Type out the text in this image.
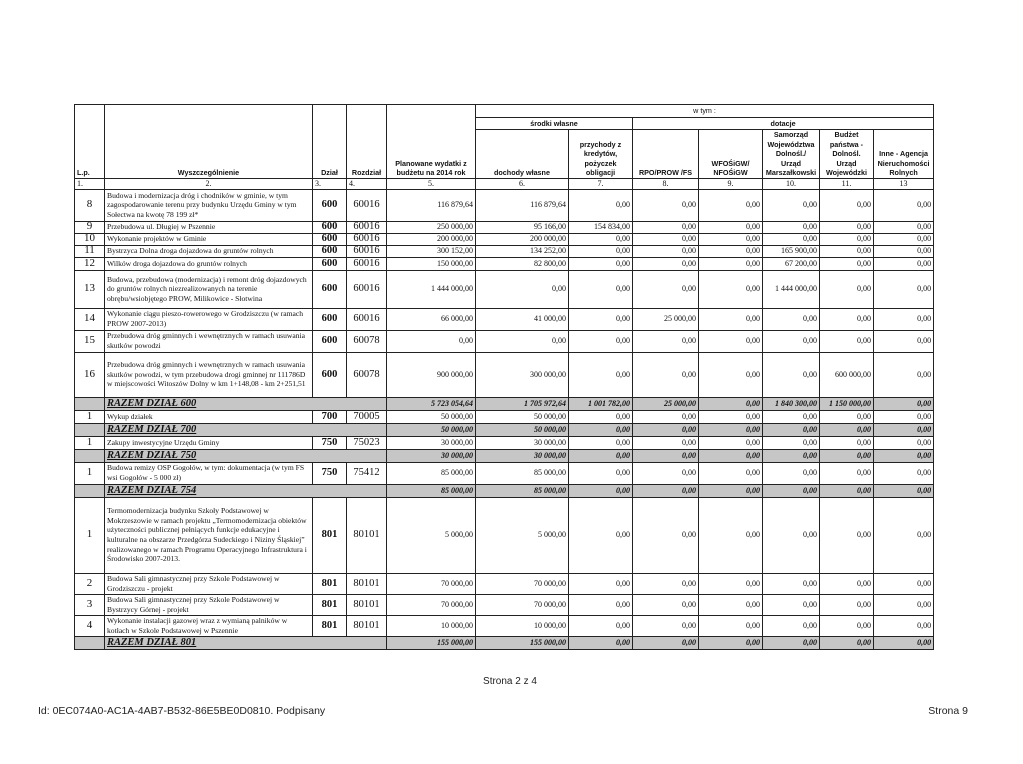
L.p.	Wyszczególnienie	Dział	Rozdział	Planowane wydatki z budżetu na 2014 rok	w tym :						
					środki własne		dotacje				
					dochody własne	przychody z kredytów, pożyczek obligacji	RPO/PROW /FS	WFOŚiGW/ NFOŚiGW	Samorząd Województwa Dolnośl./ Urząd Marszałkowski	Budżet państwa - Dolnośl. Urząd Wojewódzki	Inne - Agencja Nieruchomości Rolnych
1.	2.	3.	4.	5.	6.	7.	8.	9.	10.	11.	13
8	Budowa i modernizacja dróg i chodników w gminie, w tym zagospodarowanie terenu przy budynku Urzędu Gminy w tym Sołectwa na kwotę 78 199 zł*	600	60016	116 879,64	116 879,64	0,00	0,00	0,00	0,00	0,00	0,00
9	Przebudowa ul. Długiej w Pszennie	600	60016	250 000,00	95 166,00	154 834,00	0,00	0,00	0,00	0,00	0,00
10	Wykonanie projektów w Gminie	600	60016	200 000,00	200 000,00	0,00	0,00	0,00	0,00	0,00	0,00
11	Bystrzyca Dolna droga dojazdowa do gruntów rolnych	600	60016	300 152,00	134 252,00	0,00	0,00	0,00	165 900,00	0,00	0,00
12	Wilków droga dojazdowa do gruntów rolnych	600	60016	150 000,00	82 800,00	0,00	0,00	0,00	67 200,00	0,00	0,00
13	Budowa, przebudowa (modernizacja) i remont dróg dojazdowych do gruntów rolnych niezrealizowanych na terenie obrębu/wsiobjętego PROW, Milikowice - Słotwina	600	60016	1 444 000,00	0,00	0,00	0,00	0,00	1 444 000,00	0,00	0,00
14	Wykonanie ciągu pieszo-rowerowego w Grodziszczu (w ramach PROW 2007-2013)	600	60016	66 000,00	41 000,00	0,00	25 000,00	0,00	0,00	0,00	0,00
15	Przebudowa dróg gminnych i wewnętrznych w ramach usuwania skutków powodzi	600	60078	0,00	0,00	0,00	0,00	0,00	0,00	0,00	0,00
16	Przebudowa dróg gminnych i wewnętrznych w ramach usuwania skutków powodzi, w tym przebudowa drogi gminnej nr 111786D w miejscowości Witoszów Dolny w km 1+148,08 - km 2+251,51	600	60078	900 000,00	300 000,00	0,00	0,00	0,00	0,00	600 000,00	0,00
	RAZEM DZIAŁ 600			5 723 054,64	1 705 972,64	1 001 782,00	25 000,00	0,00	1 840 300,00	1 150 000,00	0,00
1	Wykup działek	700	70005	50 000,00	50 000,00	0,00	0,00	0,00	0,00	0,00	0,00
	RAZEM DZIAŁ 700			50 000,00	50 000,00	0,00	0,00	0,00	0,00	0,00	0,00
1	Zakupy inwestycyjne Urzędu Gminy	750	75023	30 000,00	30 000,00	0,00	0,00	0,00	0,00	0,00	0,00
	RAZEM DZIAŁ 750			30 000,00	30 000,00	0,00	0,00	0,00	0,00	0,00	0,00
1	Budowa remizy OSP Gogołów, w tym: dokumentacja (w tym FS wsi Gogołów - 5 000 zł)	750	75412	85 000,00	85 000,00	0,00	0,00	0,00	0,00	0,00	0,00
	RAZEM DZIAŁ 754			85 000,00	85 000,00	0,00	0,00	0,00	0,00	0,00	0,00
1	Termomodernizacja budynku Szkoły Podstawowej w Mokrzeszowie w ramach projektu „Termomodernizacja obiektów użyteczności publicznej pełniących funkcje edukacyjne i kulturalne na obszarze Przedgórza Sudeckiego i Niziny Śląskiej” realizowanego w ramach Programu Operacyjnego Infrastruktura i Środowisko 2007-2013.	801	80101	5 000,00	5 000,00	0,00	0,00	0,00	0,00	0,00	0,00
2	Budowa Sali gimnastycznej przy Szkole Podstawowej w Grodziszczu - projekt	801	80101	70 000,00	70 000,00	0,00	0,00	0,00	0,00	0,00	0,00
3	Budowa Sali gimnastycznej przy Szkole Podstawowej w Bystrzycy Górnej - projekt	801	80101	70 000,00	70 000,00	0,00	0,00	0,00	0,00	0,00	0,00
4	Wykonanie instalacji gazowej wraz z wymianą palników w kotłach w Szkole Podstawowej w Pszennie	801	80101	10 000,00	10 000,00	0,00	0,00	0,00	0,00	0,00	0,00
	RAZEM DZIAŁ 801			155 000,00	155 000,00	0,00	0,00	0,00	0,00	0,00	0,00
Strona 2 z 4
Id: 0EC074A0-AC1A-4AB7-B532-86E5BE0D0810. Podpisany	Strona 9
